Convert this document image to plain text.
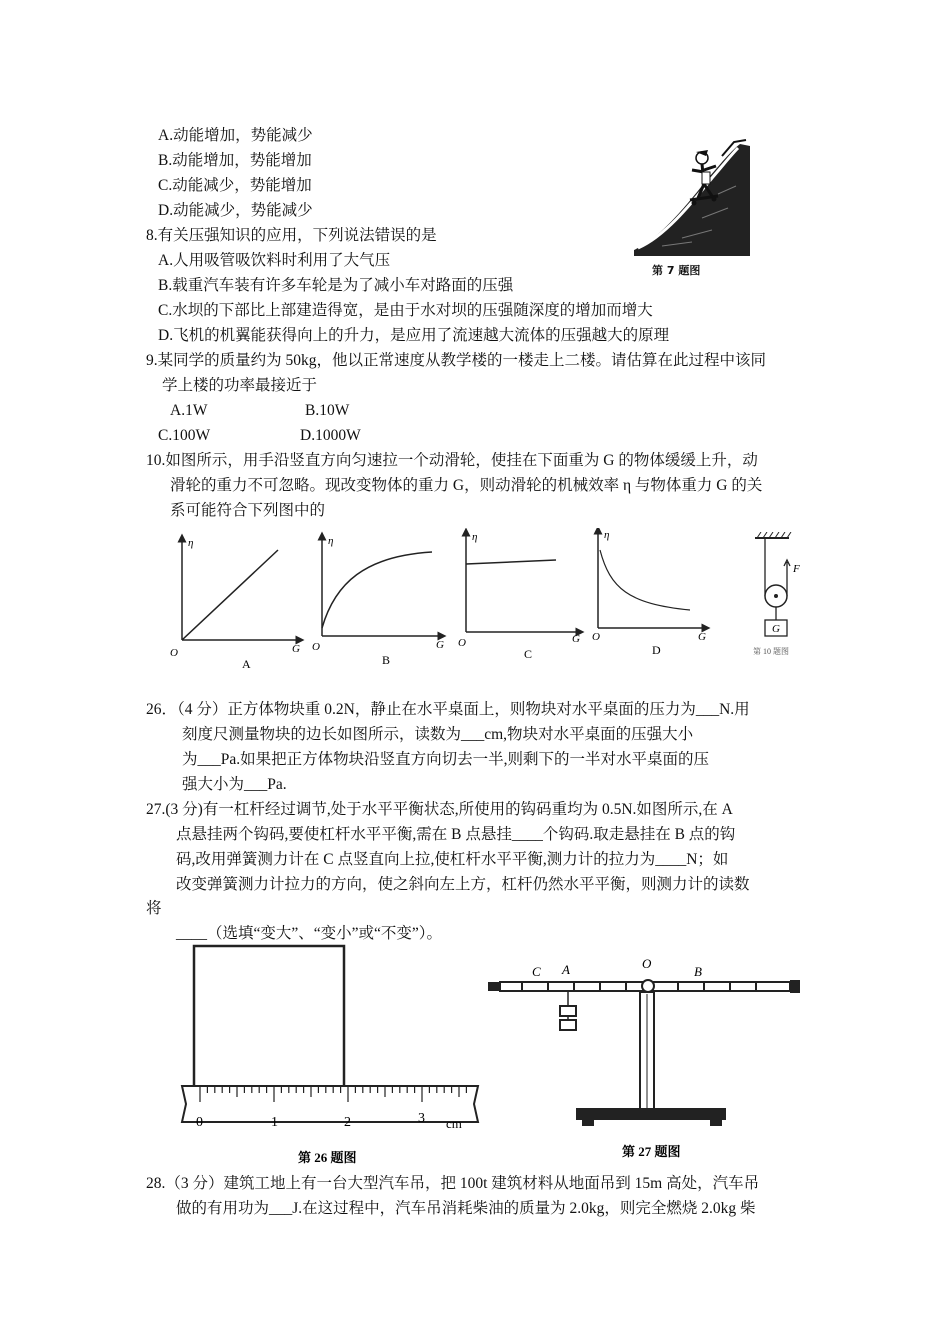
A.动能增加，势能减少
B.动能增加，势能增加
C.动能减少，势能增加
D.动能减少，势能减少
第 7 题图
8.有关压强知识的应用，下列说法错误的是
A.人用吸管吸饮料时利用了大气压
B.载重汽车装有许多车轮是为了减小车对路面的压强
C.水坝的下部比上部建造得宽，是由于水对坝的压强随深度的增加而增大
D.飞机的机翼能获得向上的升力，是应用了流速越大流体的压强越大的原理
9.某同学的质量约为 50kg，他以正常速度从教学楼的一楼走上二楼。请估算在此过程中该同
学上楼的功率最接近于
A.1W	B.10W
C.100W	D.1000W
10.如图所示，用手沿竖直方向匀速拉一个动滑轮，使挂在下面重为 G 的物体缓缓上升，动
滑轮的重力不可忽略。现改变物体的重力 G，则动滑轮的机械效率 η 与物体重力 G 的关
系可能符合下列图中的
η
G
O
A
η
G
O
B
η
G
O
C
η
G
O
D
F
G
第 10 题图
26．（4 分）正方体物块重 0.2N，静止在水平桌面上，则物块对水平桌面的压力为___N.用
刻度尺测量物块的边长如图所示，读数为___cm,物块对水平桌面的压强大小
为___Pa.如果把正方体物块沿竖直方向切去一半,则剩下的一半对水平桌面的压
强大小为___Pa.
27.(3 分)有一杠杆经过调节,处于水平平衡状态,所使用的钩码重均为 0.5N.如图所示,在 A
点悬挂两个钩码,要使杠杆水平平衡,需在 B 点悬挂____个钩码.取走悬挂在 B 点的钩
码,改用弹簧测力计在 C 点竖直向上拉,使杠杆水平平衡,测力计的拉力为____N；如
改变弹簧测力计拉力的方向，使之斜向左上方，杠杆仍然水平平衡，则测力计的读数
将
____（选填“变大”、“变小”或“不变”）。
0	1	2	3 cm
第 26 题图
C A	O
B
第 27 题图
28.（3 分）建筑工地上有一台大型汽车吊，把 100t 建筑材料从地面吊到 15m 高处，汽车吊
做的有用功为___J.在这过程中，汽车吊消耗柴油的质量为 2.0kg，则完全燃烧 2.0kg 柴
